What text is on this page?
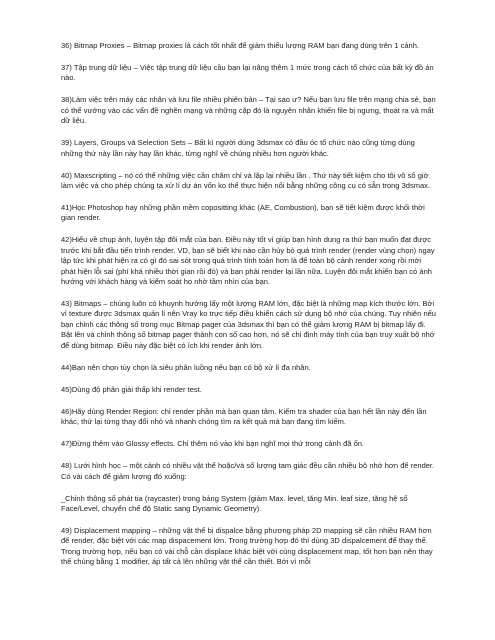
36) Bitmap Proxies – Bitmap proxies là cách tốt nhất để giảm thiểu lượng RAM bạn đang dùng trên 1 cảnh.

37) Tập trung dữ liệu – Việc tập trung dữ liệu cầu bạn lại nâng thêm 1 mức trong cách tổ chức của bất kỳ đồ án nào.

38)Làm việc trên máy các nhân và lưu file nhiều phiên bản – Tại sao ư? Nếu bạn lưu file trên mạng chia sẻ, bạn có thể vướng vào các vấn đề nghẽn mạng và những cặp đó là nguyên nhân khiến file bị ngưng, thoát ra và mất dữ liệu.

39) Layers, Groups và Selection Sets – Bất kì người dùng 3dsmax có đầu óc tổ chức nào cũng từng dùng những thứ này lần này hay lần khác, từng nghĩ về chúng nhiều hơn người khác.

40) Maxscripting – nó có thể những việc cần chăm chỉ và lặp lại nhiều lần . Thứ này tiết kiệm cho tôi vô số giờ làm việc và cho phép chúng ta xử lí dự án vốn ko thể thực hiện nổi bằng những công cụ có sẵn trong 3dsmax.

41)Học Photoshop hay những phần mềm copositting khác (AE, Combustion), bạn sẽ tiết kiệm được khối thời gian render.

42)Hiểu về chụp ảnh, luyện tập đôi mắt của bạn. Điều này tốt vì giúp bạn hình dung ra thứ bạn muốn đạt được trước khi bắt đầu tiến trình render. VD, bạn sẽ biết khi nào cần hủy bỏ quá trình render (render vùng chọn) ngay lập tức khi phát hiện ra có gì đó sai sót trong quá trình tính toán hơn là để toàn bộ cảnh render xong rồi mới phát hiện lỗi sai (phí khá nhiều thời gian rồi đó) và bạn phải render lại lần nữa. Luyện đôi mắt khiến bạn có ánh hướng với khách hàng và kiểm soát họ nhờ tầm nhìn của bạn.

43) Bitmaps – chúng luôn có khuynh hướng lấy một lượng RAM lớn, đặc biệt là những map kích thước lớn. Bởi vì texture được 3dsmax quản lí nên Vray ko trực tiếp điều khiển cách sử dụng bộ nhớ của chúng. Tuy nhiên nếu bạn chỉnh các thông số trong mục Bitmap pager của 3dsmax thì bạn có thể giảm lượng RAM bị bitmap lấy đi. Bật lên và chỉnh thông số bitmap pager thành con số cao hơn, nó sẽ chỉ định máy tính của bạn truy xuất bộ nhớ để dùng bitmap. Điều này đặc biệt có ích khi render ảnh lớn.

44)Bạn nên chọn tùy chọn là siêu phân luồng nếu bạn có bộ xử lí đa nhân.

45)Dùng độ phân giải thấp khi render test.

46)Hãy dùng Render Region: chỉ render phần mà bạn quan tâm. Kiểm tra shader của bạn hết lần này đến lần khác, thử lại từng thay đổi nhỏ và nhanh chóng tìm ra kết quả mà bạn đang tìm kiếm.

47)Đừng thêm vào Glossy effects. Chỉ thêm nó vào khi bạn nghĩ mọi thứ trong cảnh đã ổn.

48) Lưới hình học – một cảnh có nhiều vật thể hoặc/và số lượng tam giác đều cần nhiều bộ nhớ hơn để render. Có vài cách để giảm lượng đó xuống:

_Chỉnh thông số phát tia (raycaster) trong bảng System (giảm Max. level, tăng Min. leaf size, tăng hệ số Face/Level, chuyển chế độ Static sang Dynamic Geometry).

49) Displacement mapping – những vật thể bị dispalce bằng phương pháp 2D mapping sẽ cần nhiều RAM hơn để render, đặc biệt với các map dispacement lớn. Trong trường hợp đó thì dùng 3D dispalcement để thay thế. Trong trường hợp, nếu bạn có vài chỗ cần displace khác biệt với cùng displacement map, tốt hơn bạn nên thay thế chúng bằng 1 modifier, áp tất cả lên những vật thể cần thiết. Bởi vì mỗi
